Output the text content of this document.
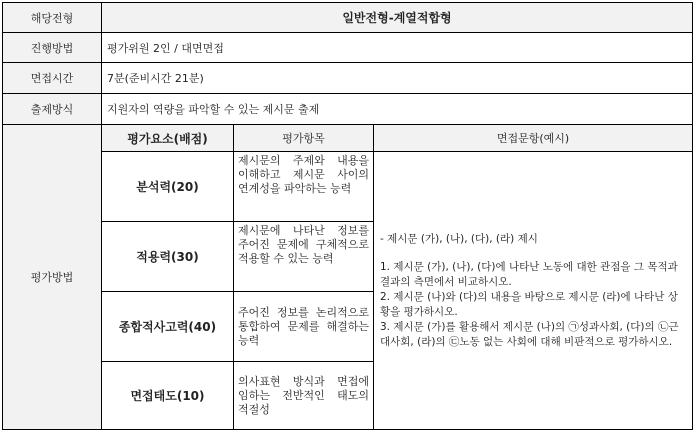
해당전형	일반전형-계열적합형		
진행방법	평가위원 2인 / 대면면접		
면접시간	7분(준비시간 21분)		
출제방식	지원자의 역량을 파악할 수 있는 제시문 출제		
평가방법	평가요소(배점)	평가항목	면접문항(예시)
	분석력(20)	제시문의 주제와 내용을 이해하고 제시문 사이의 연계성을 파악하는 능력	- 제시문 (가), (나), (다), (라) 제시
1. 제시문 (가), (나), (다)에 나타난 노동에 대한 관점을 그 목적과 결과의 측면에서 비교하시오.
2. 제시문 (나)와 (다)의 내용을 바탕으로 제시문 (라)에 나타난 상황을 평가하시오.
3. 제시문 (가)를 활용해서 제시문 (나)의 ㉠성과사회, (다)의 ㉡근대사회, (라)의 ㉢노동 없는 사회에 대해 비판적으로 평가하시오.

	적용력(30)	제시문에 나타난 정보를 주어진 문제에 구체적으로 적용할 수 있는 능력	
	종합적사고력(40)	주어진 정보를 논리적으로 통합하여 문제를 해결하는 능력	
	면접태도(10)	의사표현 방식과 면접에 임하는 전반적인 태도의 적절성	
